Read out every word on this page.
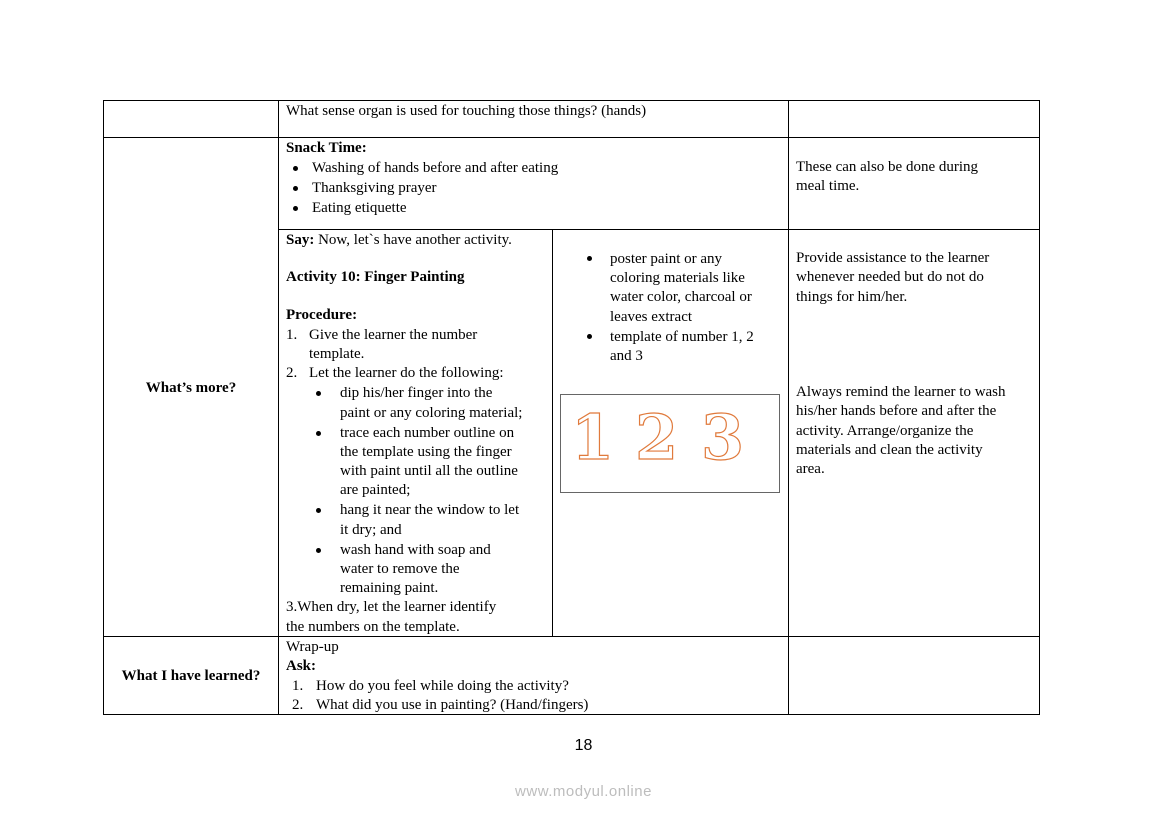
What sense organ is used for touching those things? (hands)
Snack Time:
Washing of hands before and after eating
Thanksgiving prayer
Eating etiquette
These can also be done during
meal time.
What’s more?
Say: Now, let`s have another activity.
Activity 10: Finger Painting
Procedure:
1. Give the learner the number
template.
2. Let the learner do the following:
dip his/her finger into the
paint or any coloring material;
trace each number outline on
the template using the finger
with paint until all the outline
are painted;
hang it near the window to let
it dry; and
wash hand with soap and
water to remove the
remaining paint.
3.When dry, let the learner identify
the numbers on the template.
poster paint or any
coloring materials like
water color, charcoal or
leaves extract
template of number 1, 2
and 3
1 2 3
Provide assistance to the learner
whenever needed but do not do
things for him/her.
Always remind the learner to wash
his/her hands before and after the
activity. Arrange/organize the
materials and clean the activity
area.
What I have learned?
Wrap-up
Ask:
1. How do you feel while doing the activity?
2. What did you use in painting? (Hand/fingers)
18
www.modyul.online
